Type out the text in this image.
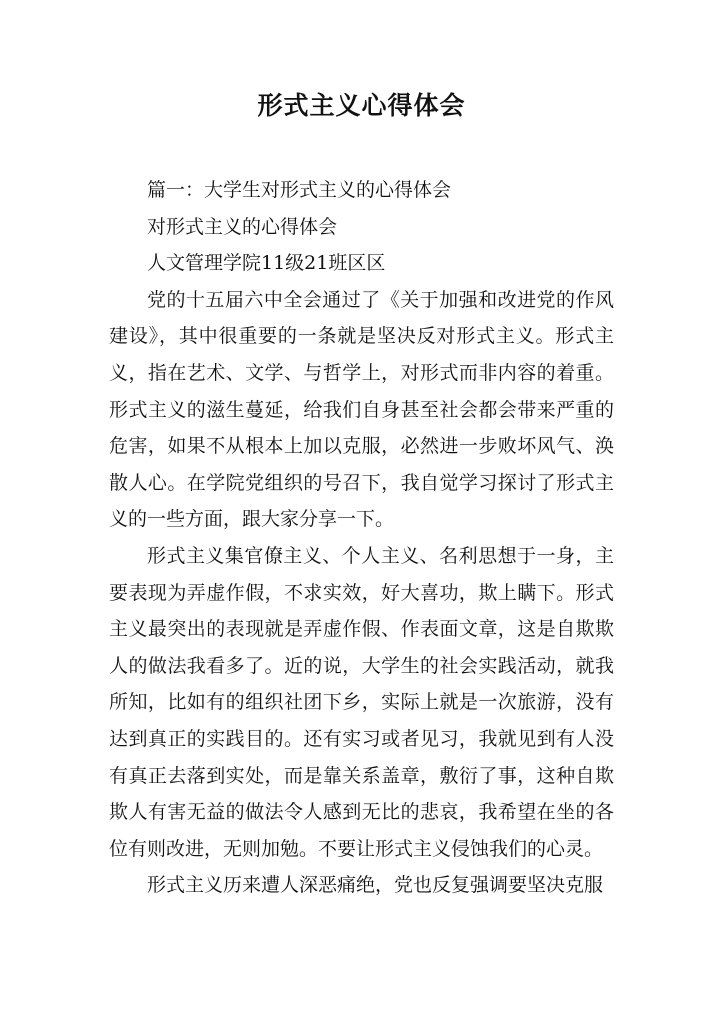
形式主义心得体会

篇一：大学生对形式主义的心得体会

对形式主义的心得体会

人文管理学院11级21班区区

党的十五届六中全会通过了《关于加强和改进党的作风建设》，其中很重要的一条就是坚决反对形式主义。形式主义，指在艺术、文学、与哲学上，对形式而非内容的着重。形式主义的滋生蔓延，给我们自身甚至社会都会带来严重的危害，如果不从根本上加以克服，必然进一步败坏风气、涣散人心。在学院党组织的号召下，我自觉学习探讨了形式主义的一些方面，跟大家分享一下。

形式主义集官僚主义、个人主义、名利思想于一身，主要表现为弄虚作假，不求实效，好大喜功，欺上瞒下。形式主义最突出的表现就是弄虚作假、作表面文章，这是自欺欺人的做法我看多了。近的说，大学生的社会实践活动，就我所知，比如有的组织社团下乡，实际上就是一次旅游，没有达到真正的实践目的。还有实习或者见习，我就见到有人没有真正去落到实处，而是靠关系盖章，敷衍了事，这种自欺欺人有害无益的做法令人感到无比的悲哀，我希望在坐的各位有则改进，无则加勉。不要让形式主义侵蚀我们的心灵。

形式主义历来遭人深恶痛绝，党也反复强调要坚决克服
